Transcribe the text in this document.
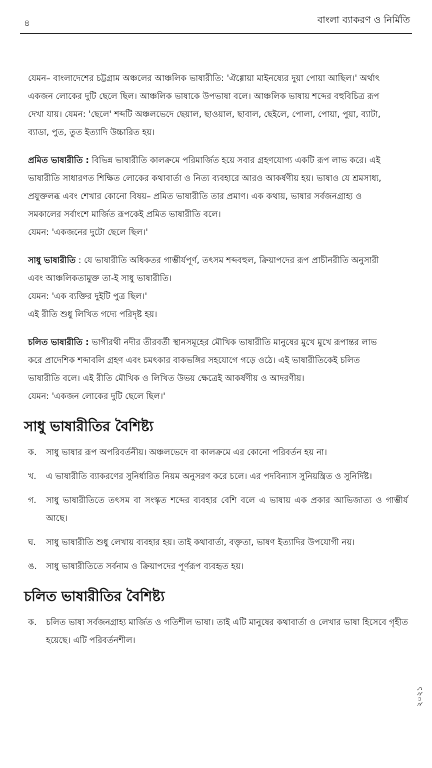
৪	বাংলা ব্যাকরণ ও নির্মিতি

যেমন– বাংলাদেশের চট্টগ্রাম অঞ্চলের আঞ্চলিক ভাষারীতি: 'ঐগ্গোয়া মাইনষ্যের দুয়া পোয়া আছিল।' অর্থাৎ

একজন লোকের দুটি ছেলে ছিল। আঞ্চলিক ভাষাকে উপভাষা বলে। আঞ্চলিক ভাষায় শব্দের বহুবিচিত্র রূপ

দেখা যায়। যেমন: 'ছেলে' শব্দটি অঞ্চলভেদে ছেয়াল, ছাওয়াল, ছাবাল, ছেইলে, পোলা, পোয়া, পুয়া, ব্যাটা,

ব্যাডা, পুত, তুত ইত্যাদি উচ্চারিত হয়।

প্রমিত ভাষারীতি : বিভিন্ন ভাষারীতি কালক্রমে পরিমার্জিত হয়ে সবার গ্রহণযোগ্য একটি রূপ লাভ করে। এই

ভাষারীতি সাধারণত শিক্ষিত লোকের কথাবার্তা ও নিত্য ব্যবহারে আরও আকর্ষণীয় হয়। ভাষাও যে শ্রমসাধ্য,

প্রযুক্তলব্ধ এবং শেখার কোনো বিষয়– প্রমিত ভাষারীতি তার প্রমাণ। এক কথায়, ভাষার সর্বজনগ্রাহ্য ও

সমকালের সর্বাংশে মার্জিত রূপকেই প্রমিত ভাষারীতি বলে।

যেমন: 'একজনের দুটো ছেলে ছিল।'

সাধু ভাষারীতি : যে ভাষারীতি অধিকতর গাম্ভীর্যপূর্ণ, তৎসম শব্দবহুল, ক্রিয়াপদের রূপ প্রাচীনরীতি অনুসারী

এবং আঞ্চলিকতামুক্ত তা-ই সাধু ভাষারীতি।

যেমন: 'এক ব্যক্তির দুইটি পুত্র ছিল।'

এই রীতি শুধু লিখিত গদ্যে পরিদৃষ্ট হয়।

চলিত ভাষারীতি : ভাগীরথী নদীর তীরবর্তী স্থানসমূহের মৌখিক ভাষারীতি মানুষের মুখে মুখে রূপান্তর লাভ

করে প্রাদেশিক শব্দাবলি গ্রহণ এবং চমৎকার বাকভঙ্গির সহযোগে গড়ে ওঠে। এই ভাষারীতিকেই চলিত

ভাষারীতি বলে। এই রীতি মৌখিক ও লিখিত উভয় ক্ষেত্রেই আকর্ষণীয় ও আদরণীয়।

যেমন: 'একজন লোকের দুটি ছেলে ছিল।'

সাধু ভাষারীতির বৈশিষ্ট্য
ক.	সাধু ভাষার রূপ অপরিবর্তনীয়। অঞ্চলভেদে বা কালক্রমে এর কোনো পরিবর্তন হয় না।
খ.	এ ভাষারীতি ব্যাকরণের সুনির্ধারিত নিয়ম অনুসরণ করে চলে। এর পদবিন্যাস সুনিয়ন্ত্রিত ও সুনির্দিষ্ট।
গ.	সাধু ভাষারীতিতে তৎসম বা সংস্কৃত শব্দের ব্যবহার বেশি বলে এ ভাষায় এক প্রকার আভিজাত্য ও গাম্ভীর্য আছে।
ঘ.	সাধু ভাষারীতি শুধু লেখায় ব্যবহার হয়। তাই কথাবার্তা, বক্তৃতা, ভাষণ ইত্যাদির উপযোগী নয়।
ঙ.	সাধু ভাষারীতিতে সর্বনাম ও ক্রিয়াপদের পূর্ণরূপ ব্যবহৃত হয়।
চলিত ভাষারীতির বৈশিষ্ট্য
ক.	চলিত ভাষা সর্বজনগ্রাহ্য মার্জিত ও গতিশীল ভাষা। তাই এটি মানুষের কথাবার্তা ও লেখার ভাষা হিসেবে গৃহীত হয়েছে। এটি পরিবর্তনশীল।
২০২১
